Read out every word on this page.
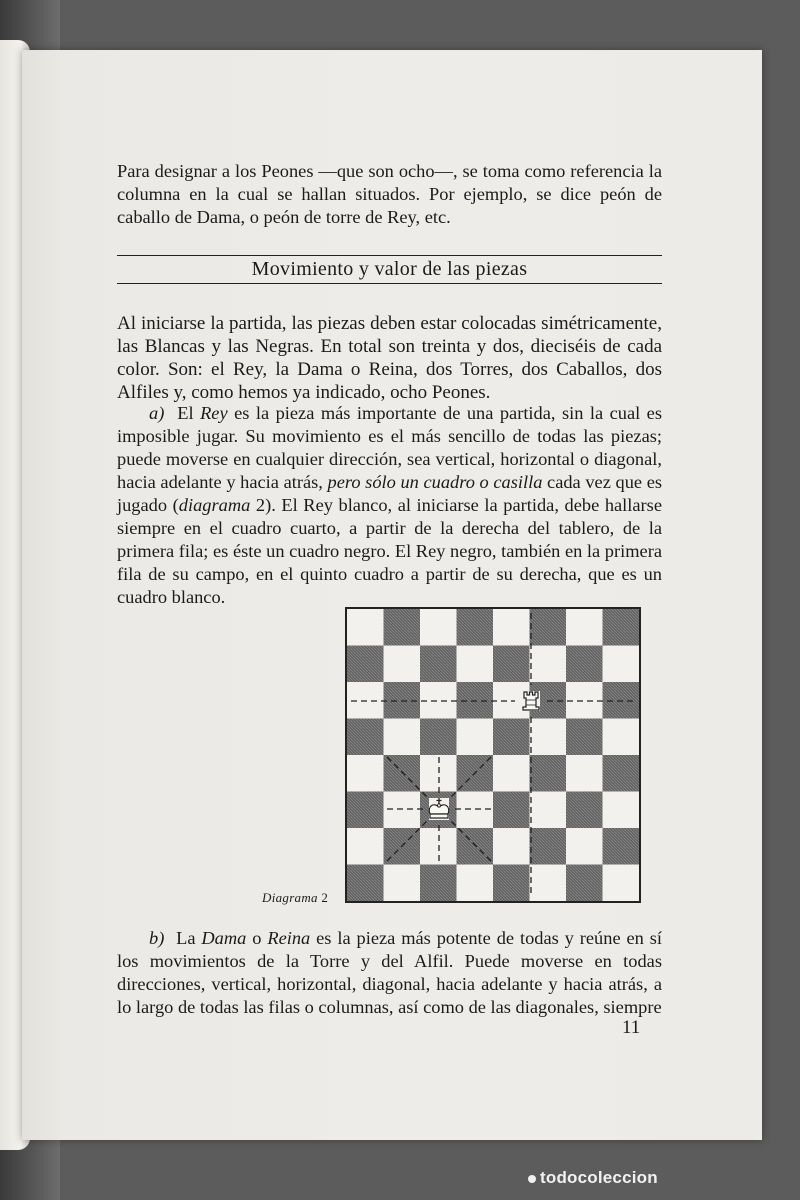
Para designar a los Peones —que son ocho—, se toma como referencia la columna en la cual se hallan situados. Por ejemplo, se dice peón de caballo de Dama, o peón de torre de Rey, etc.

Movimiento y valor de las piezas

Al iniciarse la partida, las piezas deben estar colocadas simétricamente, las Blancas y las Negras. En total son treinta y dos, dieciséis de cada color. Son: el Rey, la Dama o Reina, dos Torres, dos Caballos, dos Alfiles y, como hemos ya indicado, ocho Peones.

a) El Rey es la pieza más importante de una partida, sin la cual es imposible jugar. Su movimiento es el más sencillo de todas las piezas; puede moverse en cualquier dirección, sea vertical, horizontal o diagonal, hacia adelante y hacia atrás, pero sólo un cuadro o casilla cada vez que es jugado (diagrama 2). El Rey blanco, al iniciarse la partida, debe hallarse siempre en el cuadro cuarto, a partir de la derecha del tablero, de la primera fila; es éste un cuadro negro. El Rey negro, también en la primera fila de su campo, en el quinto cuadro a partir de su derecha, que es un cuadro blanco.

Diagrama 2

b) La Dama o Reina es la pieza más potente de todas y reúne en sí los movimientos de la Torre y del Alfil. Puede moverse en todas direcciones, vertical, horizontal, diagonal, hacia adelante y hacia atrás, a lo largo de todas las filas o columnas, así como de las diagonales, siempre

11
todocoleccion
